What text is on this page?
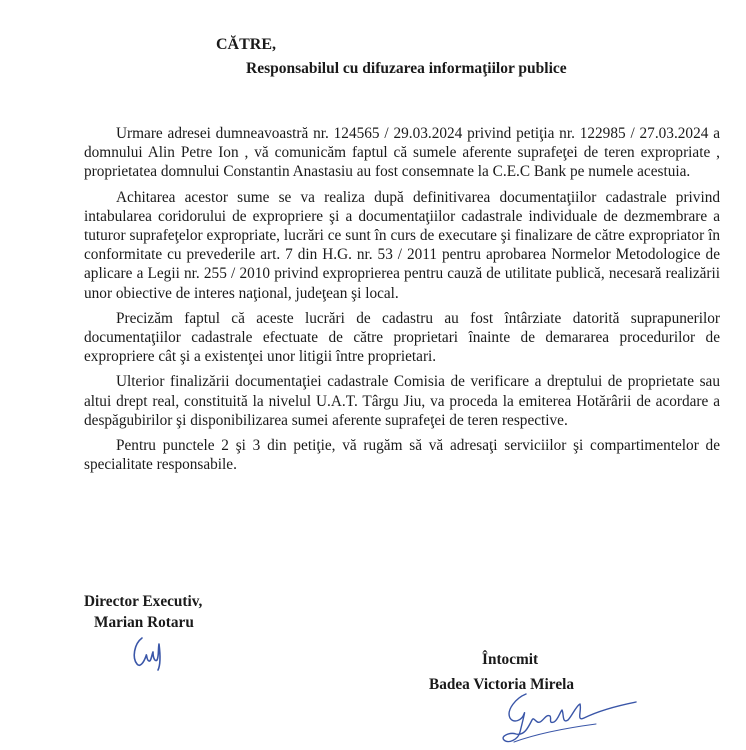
CĂTRE,
Responsabilul cu difuzarea informaţiilor publice

Urmare adresei dumneavoastră nr. 124565 / 29.03.2024 privind petiţia nr. 122985 / 27.03.2024 a domnului Alin Petre Ion , vă comunicăm faptul că sumele aferente suprafeţei de teren expropriate , proprietatea domnului Constantin Anastasiu au fost consemnate la C.E.C Bank pe numele acestuia.

Achitarea acestor sume se va realiza după definitivarea documentaţiilor cadastrale privind intabularea coridorului de expropriere şi a documentaţiilor cadastrale individuale de dezmembrare a tuturor suprafeţelor expropriate, lucrări ce sunt în curs de executare şi finalizare de către expropriator în conformitate cu prevederile art. 7 din H.G. nr. 53 / 2011 pentru aprobarea Normelor Metodologice de aplicare a Legii nr. 255 / 2010 privind exproprierea pentru cauză de utilitate publică, necesară realizării unor obiective de interes naţional, judeţean şi local.

Precizăm faptul că aceste lucrări de cadastru au fost întârziate datorită suprapunerilor documentaţiilor cadastrale efectuate de către proprietari înainte de demararea procedurilor de expropriere cât şi a existenţei unor litigii între proprietari.

Ulterior finalizării documentaţiei cadastrale Comisia de verificare a dreptului de proprietate sau altui drept real, constituită la nivelul U.A.T. Târgu Jiu, va proceda la emiterea Hotărârii de acordare a despăgubirilor şi disponibilizarea sumei aferente suprafeţei de teren respective.

Pentru punctele 2 şi 3 din petiţie, vă rugăm să vă adresaţi serviciilor şi compartimentelor de specialitate responsabile.

Director Executiv,
Marian Rotaru
Întocmit
Badea Victoria Mirela
